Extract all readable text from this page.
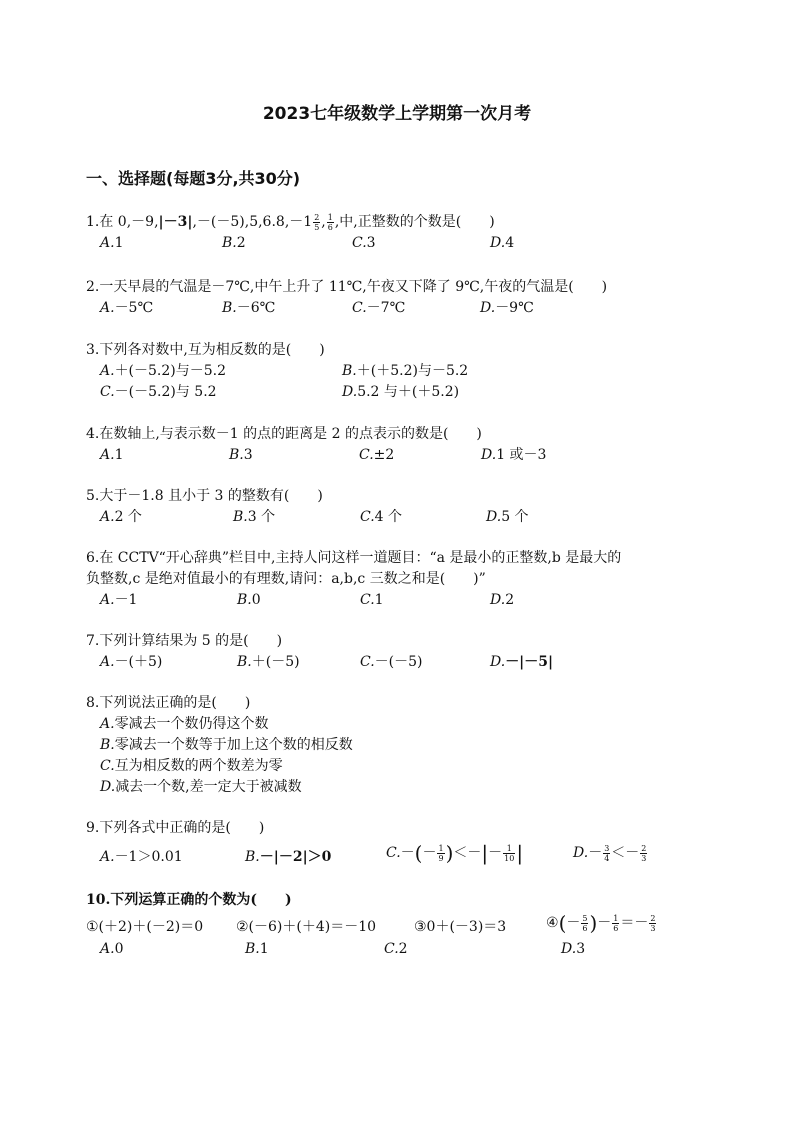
2023七年级数学上学期第一次月考
一、选择题(每题3分,共30分)
1.在 $0,-9,|-3|,-(-5),5,6.8,-1 \frac{2}{5}$ , $\frac{1}{6}$ ,中,正整数的个数是(　　)
A.1	B.2	C.3	D.4
2.一天早晨的气温是－7℃,中午上升了 11℃,午夜又下降了 9℃,午夜的气温是(　　)
A.－5℃	B.－6℃	C.－7℃	D.－9℃
3.下列各对数中,互为相反数的是(　　)
A.＋(－5.2)与－5.2	B.＋(＋5.2)与－5.2
C.－(－5.2)与 5.2	D.5.2 与＋(＋5.2)
4.在数轴上,与表示数－1 的点的距离是 2 的点表示的数是(　　)
A.1	B.3	C.±2	D.1 或－3
5.大于－1.8 且小于 3 的整数有(　　)
A.2 个	B.3 个	C.4 个	D.5 个
6.在 CCTV“开心辞典”栏目中,主持人问这样一道题目：“a 是最小的正整数,b 是最大的
负整数,c 是绝对值最小的有理数,请问：a,b,c 三数之和是(　　)”
A.－1	B.0	C.1	D.2
7.下列计算结果为 5 的是(　　)
A.－(＋5)	B.＋(－5)	C.－(－5)	D.－|－5|
8.下列说法正确的是(　　)
A.零减去一个数仍得这个数
B.零减去一个数等于加上这个数的相反数
C.互为相反数的两个数差为零
D.减去一个数,差一定大于被减数
9.下列各式中正确的是(　　)
A.－1＞0.01	B.－|－2|＞0	$C.-(- \frac{1}{9}$ )＜－|－ $\frac{1}{10}$ |	$D.- \frac{3}{4} <- \frac{2}{3}$
10.下列运算正确的个数为(　　)
①(＋2)＋(－2)＝0 ②(－6)＋(＋4)＝－10	③0＋(－3)＝3	④(－ $\frac{5}{6}$ )－ $\frac{1}{6} =- \frac{2}{3}$
A.0	B.1	C.2	D.3
